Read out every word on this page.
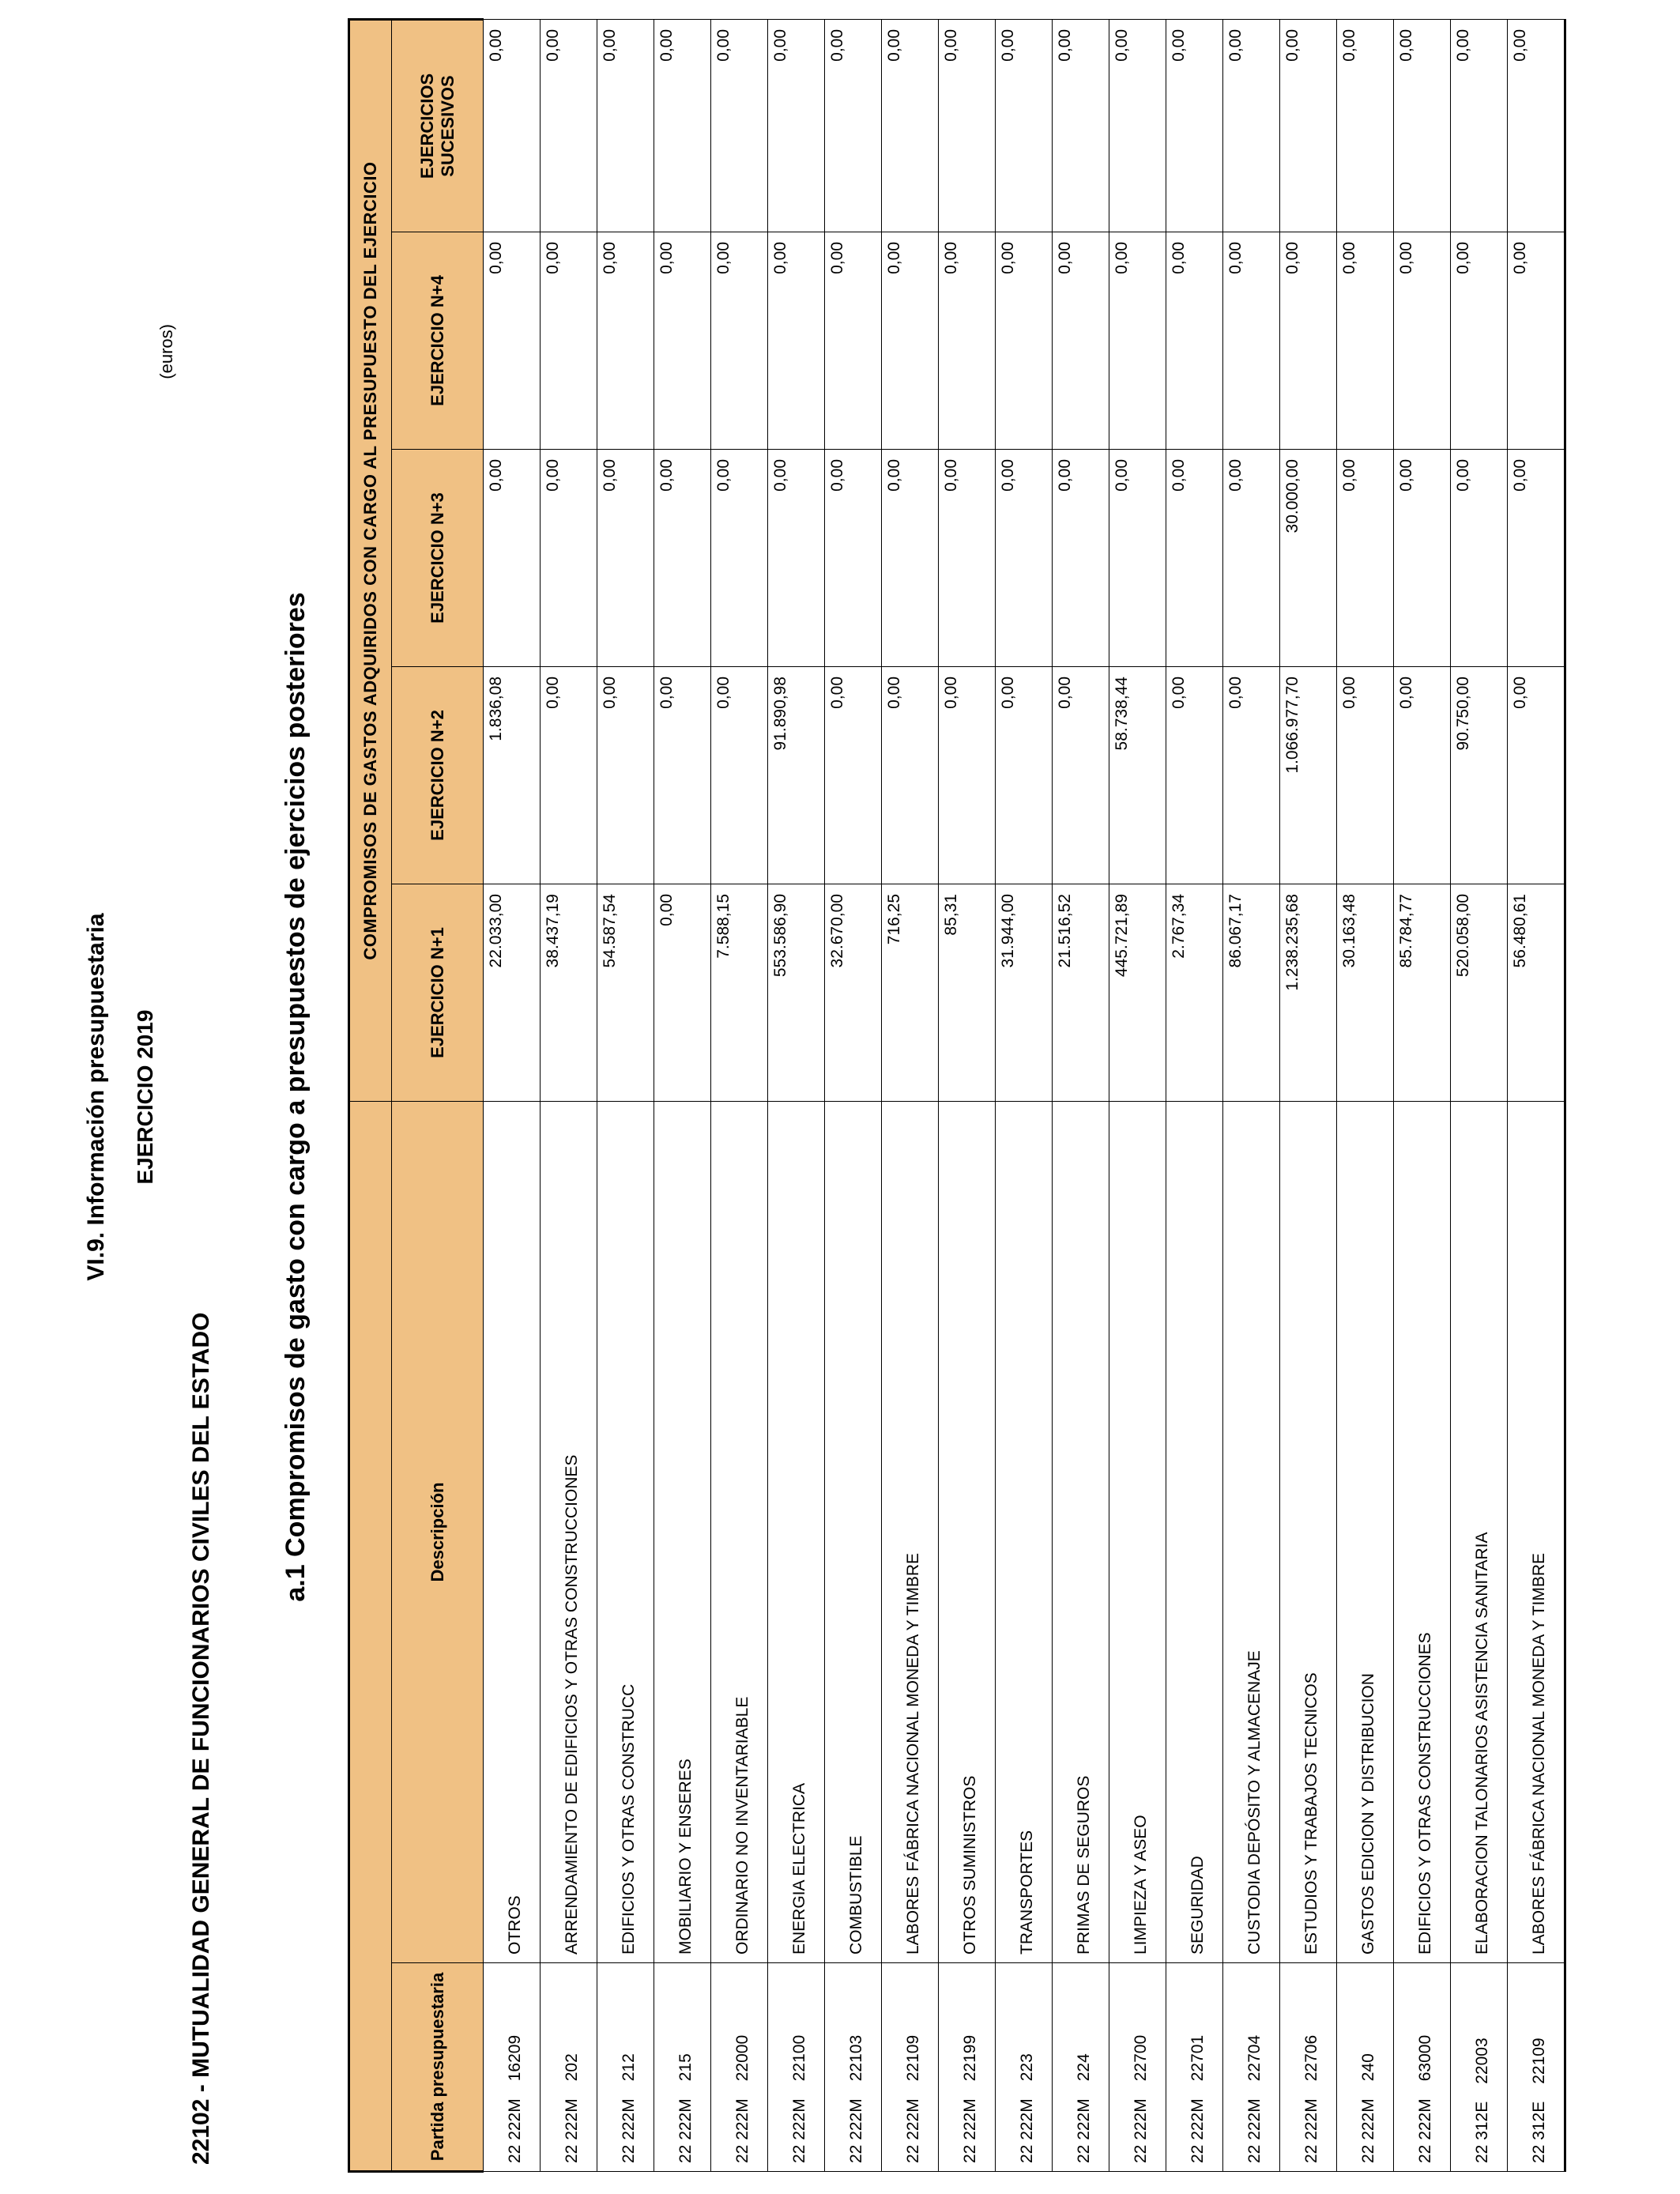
VI.9. Información presupuestaria EJERCICIO 2019
22102 - MUTUALIDAD GENERAL DE FUNCIONARIOS CIVILES DEL ESTADO
(euros)
a.1 Compromisos de gasto con cargo a presupuestos de ejercicios posteriores
		COMPROMISOS DE GASTOS ADQUIRIDOS CON CARGO AL PRESUPUESTO DEL EJERCICIO				
Partida presupuestaria	Descripción	EJERCICIO N+1	EJERCICIO N+2	EJERCICIO N+3	EJERCICIO N+4	EJERCICIOS SUCESIVOS
22 222M16209	OTROS	22.033,00	1.836,08	0,00	0,00	0,00
22 222M202	ARRENDAMIENTO DE EDIFICIOS Y OTRAS CONSTRUCCIONES	38.437,19	0,00	0,00	0,00	0,00
22 222M212	EDIFICIOS Y OTRAS CONSTRUCC	54.587,54	0,00	0,00	0,00	0,00
22 222M215	MOBILIARIO Y ENSERES	0,00	0,00	0,00	0,00	0,00
22 222M22000	ORDINARIO NO INVENTARIABLE	7.588,15	0,00	0,00	0,00	0,00
22 222M22100	ENERGIA ELECTRICA	553.586,90	91.890,98	0,00	0,00	0,00
22 222M22103	COMBUSTIBLE	32.670,00	0,00	0,00	0,00	0,00
22 222M22109	LABORES FÁBRICA NACIONAL MONEDA Y TIMBRE	716,25	0,00	0,00	0,00	0,00
22 222M22199	OTROS SUMINISTROS	85,31	0,00	0,00	0,00	0,00
22 222M223	TRANSPORTES	31.944,00	0,00	0,00	0,00	0,00
22 222M224	PRIMAS DE SEGUROS	21.516,52	0,00	0,00	0,00	0,00
22 222M22700	LIMPIEZA Y ASEO	445.721,89	58.738,44	0,00	0,00	0,00
22 222M22701	SEGURIDAD	2.767,34	0,00	0,00	0,00	0,00
22 222M22704	CUSTODIA DEPÓSITO Y ALMACENAJE	86.067,17	0,00	0,00	0,00	0,00
22 222M22706	ESTUDIOS Y TRABAJOS TECNICOS	1.238.235,68	1.066.977,70	30.000,00	0,00	0,00
22 222M240	GASTOS EDICION Y DISTRIBUCION	30.163,48	0,00	0,00	0,00	0,00
22 222M63000	EDIFICIOS Y OTRAS CONSTRUCCIONES	85.784,77	0,00	0,00	0,00	0,00
22 312E22003	ELABORACION TALONARIOS ASISTENCIA SANITARIA	520.058,00	90.750,00	0,00	0,00	0,00
22 312E22109	LABORES FÁBRICA NACIONAL MONEDA Y TIMBRE	56.480,61	0,00	0,00	0,00	0,00
